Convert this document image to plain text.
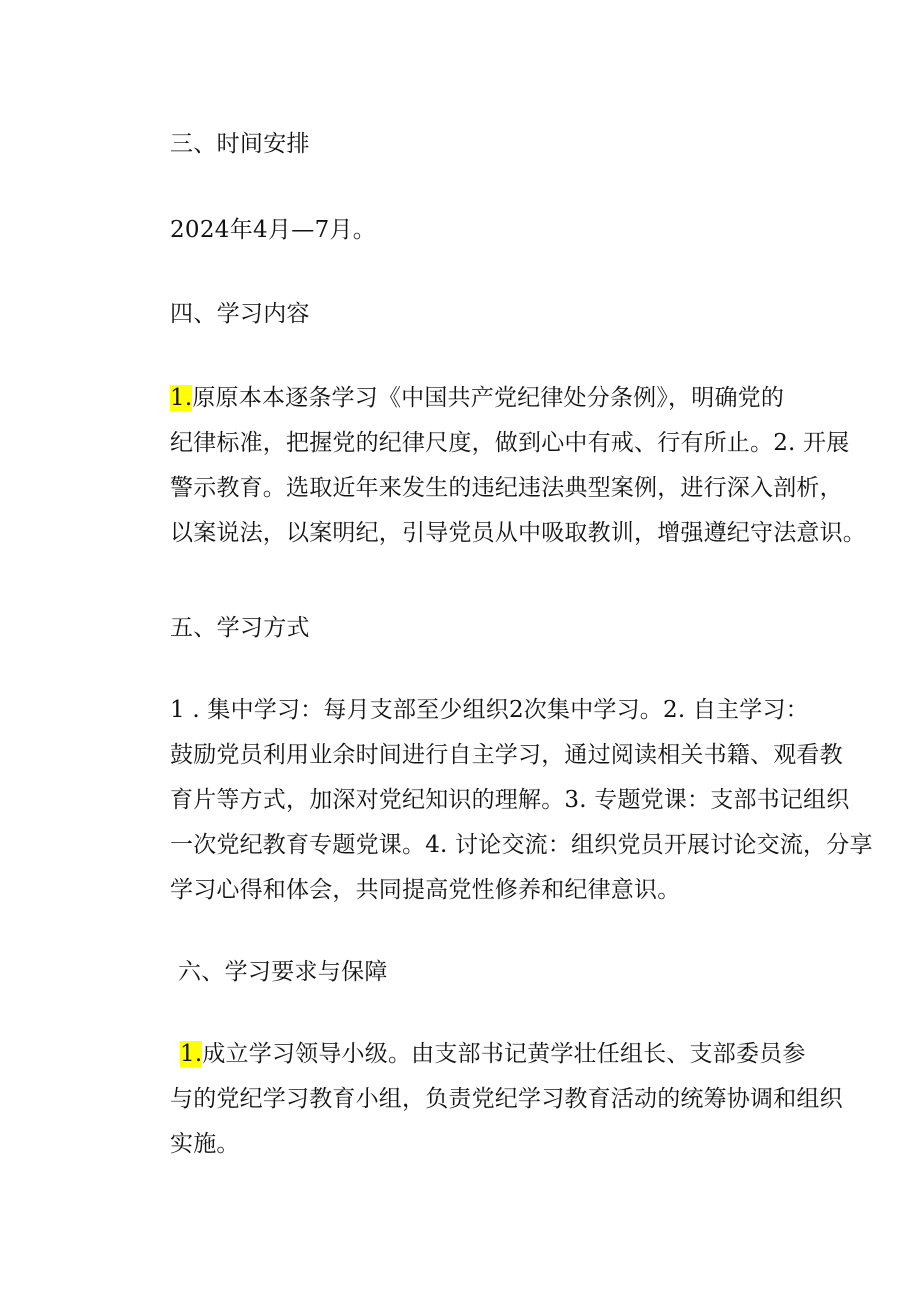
三、时间安排
2024年4月—7月。
四、学习内容
1.原原本本逐条学习《中国共产党纪律处分条例》，明确党的
纪律标准，把握党的纪律尺度，做到心中有戒、行有所止。2. 开展
警示教育。选取近年来发生的违纪违法典型案例，进行深入剖析，
以案说法，以案明纪，引导党员从中吸取教训，增强遵纪守法意识。
五、学习方式
1 . 集中学习：每月支部至少组织2次集中学习。2. 自主学习：
鼓励党员利用业余时间进行自主学习，通过阅读相关书籍、观看教
育片等方式，加深对党纪知识的理解。3. 专题党课：支部书记组织
一次党纪教育专题党课。4. 讨论交流：组织党员开展讨论交流，分享
学习心得和体会，共同提高党性修养和纪律意识。
六、学习要求与保障
1.成立学习领导小级。由支部书记黄学壮任组长、支部委员参
与的党纪学习教育小组，负责党纪学习教育活动的统筹协调和组织
实施。
